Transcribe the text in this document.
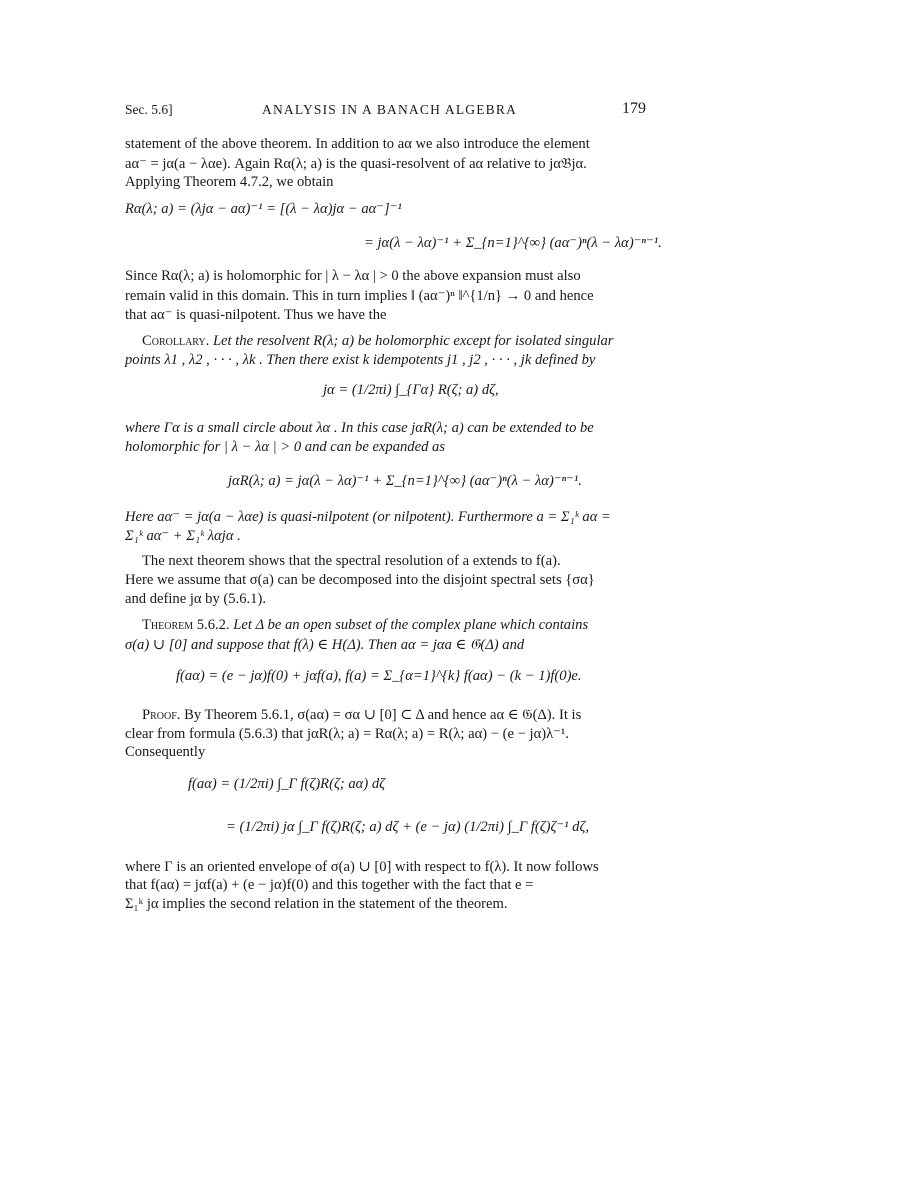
Sec. 5.6]	ANALYSIS IN A BANACH ALGEBRA	179
statement of the above theorem. In addition to aα we also introduce the element
aα⁻ = jα(a − λαe). Again Rα(λ; a) is the quasi-resolvent of aα relative to jα𝔅jα.
Applying Theorem 4.7.2, we obtain
Rα(λ; a) = (λjα − aα)⁻¹ = [(λ − λα)jα − aα⁻]⁻¹
= jα(λ − λα)⁻¹ + Σ_{n=1}^{∞} (aα⁻)ⁿ(λ − λα)⁻ⁿ⁻¹.
Since Rα(λ; a) is holomorphic for | λ − λα | > 0 the above expansion must also
remain valid in this domain. This in turn implies ‖ (aα⁻)ⁿ ‖^{1/n} → 0 and hence
that aα⁻ is quasi-nilpotent. Thus we have the
Corollary. Let the resolvent R(λ; a) be holomorphic except for isolated singular
points λ1 , λ2 , · · · , λk . Then there exist k idempotents j1 , j2 , · · · , jk defined by
jα = (1/2πi) ∫_{Γα} R(ζ; a) dζ,
where Γα is a small circle about λα . In this case jαR(λ; a) can be extended to be
holomorphic for | λ − λα | > 0 and can be expanded as
jαR(λ; a) = jα(λ − λα)⁻¹ + Σ_{n=1}^{∞} (aα⁻)ⁿ(λ − λα)⁻ⁿ⁻¹.
Here aα⁻ = jα(a − λαe) is quasi-nilpotent (or nilpotent). Furthermore a = Σ₁ᵏ aα =
Σ₁ᵏ aα⁻ + Σ₁ᵏ λαjα .
The next theorem shows that the spectral resolution of a extends to f(a).
Here we assume that σ(a) can be decomposed into the disjoint spectral sets {σα}
and define jα by (5.6.1).
Theorem 5.6.2. Let Δ be an open subset of the complex plane which contains
σ(a) ∪ [0] and suppose that f(λ) ∈ H(Δ). Then aα = jαa ∈ 𝔊(Δ) and
f(aα) = (e − jα)f(0) + jαf(a), f(a) = Σ_{α=1}^{k} f(aα) − (k − 1)f(0)e.
Proof. By Theorem 5.6.1, σ(aα) = σα ∪ [0] ⊂ Δ and hence aα ∈ 𝔊(Δ). It is
clear from formula (5.6.3) that jαR(λ; a) = Rα(λ; a) = R(λ; aα) − (e − jα)λ⁻¹.
Consequently
f(aα) = (1/2πi) ∫_Γ f(ζ)R(ζ; aα) dζ
= (1/2πi) jα ∫_Γ f(ζ)R(ζ; a) dζ + (e − jα) (1/2πi) ∫_Γ f(ζ)ζ⁻¹ dζ,
where Γ is an oriented envelope of σ(a) ∪ [0] with respect to f(λ). It now follows
that f(aα) = jαf(a) + (e − jα)f(0) and this together with the fact that e =
Σ₁ᵏ jα implies the second relation in the statement of the theorem.
